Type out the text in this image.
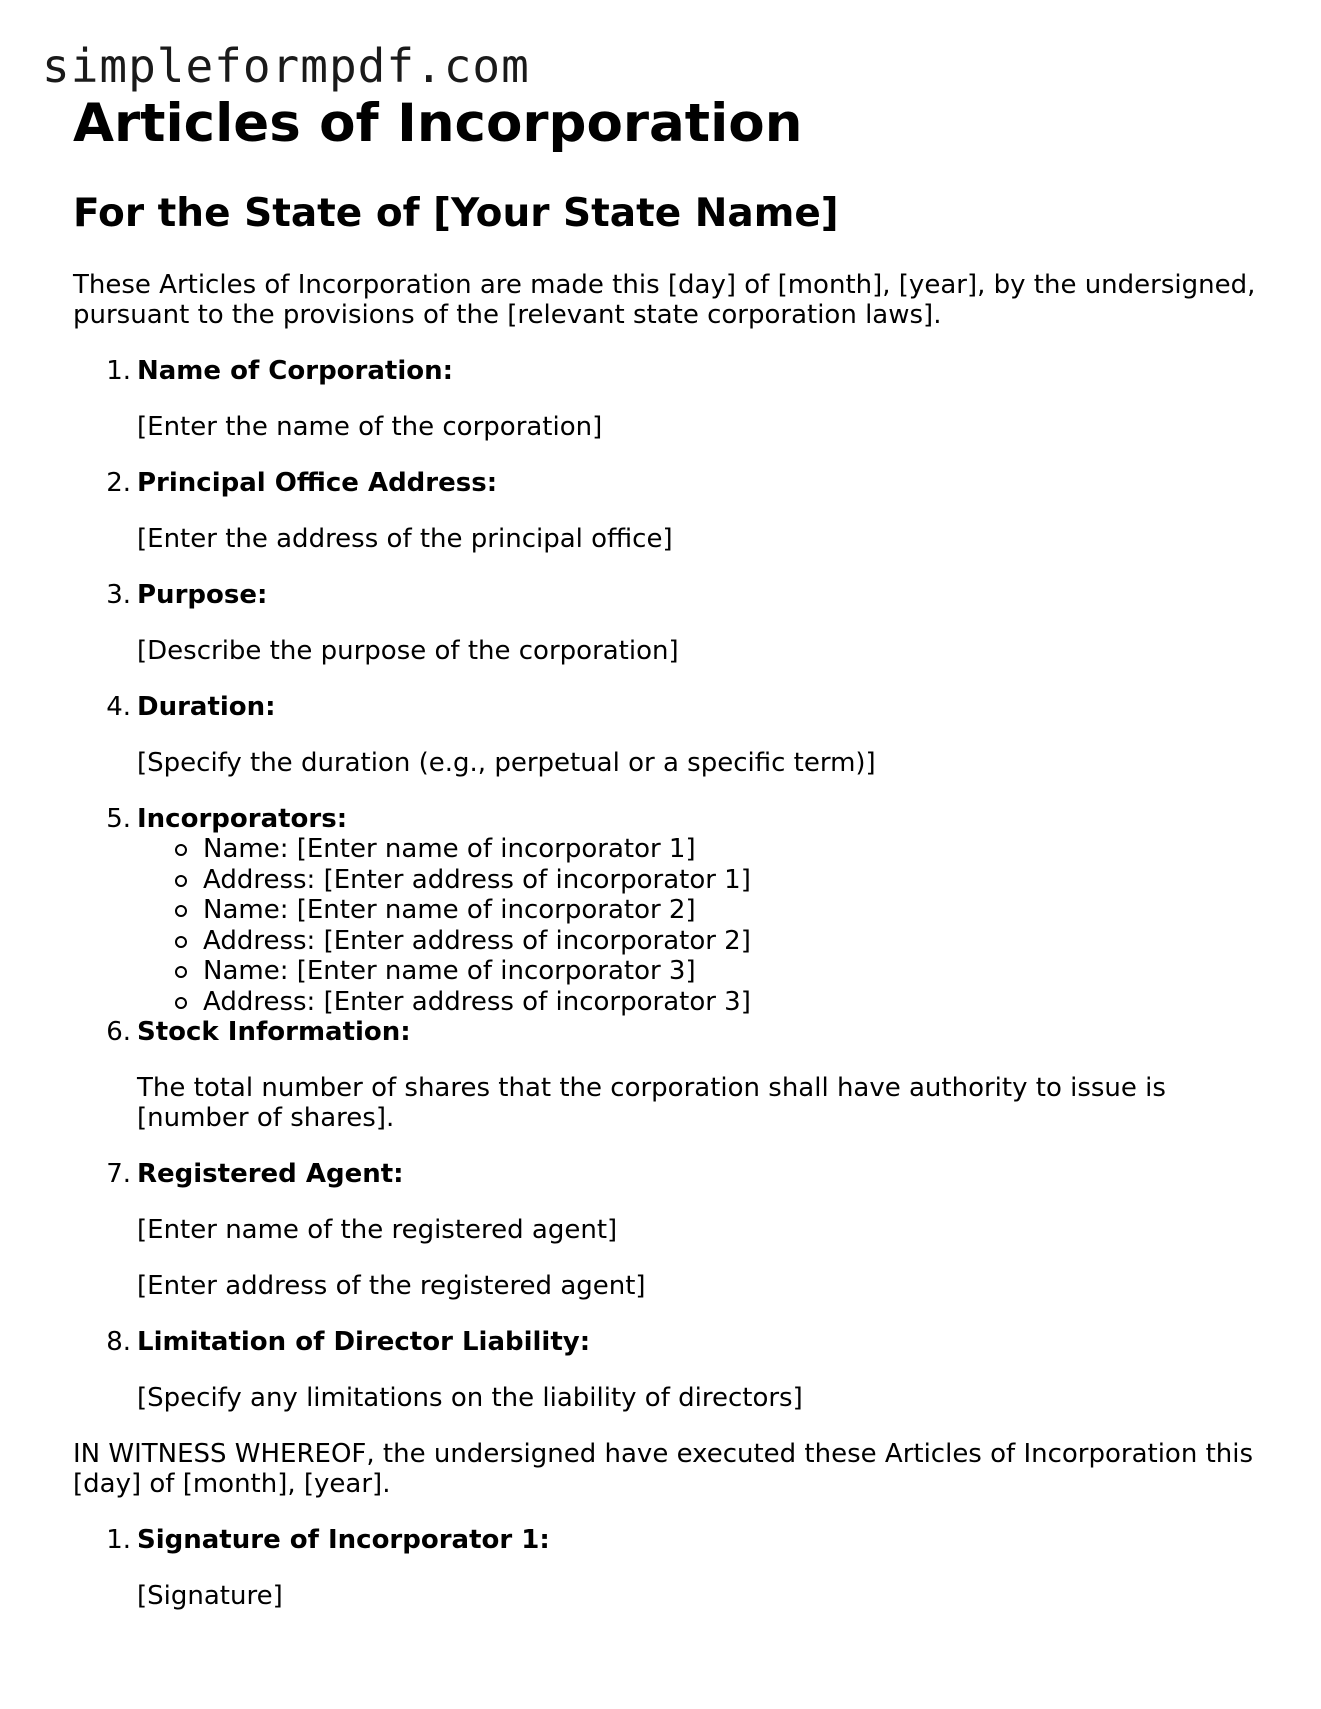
simpleformpdf.com
Articles of Incorporation
For the State of [Your State Name]

These Articles of Incorporation are made this [day] of [month], [year], by the undersigned, pursuant to the provisions of the [relevant state corporation laws].

1. Name of Corporation:

[Enter the name of the corporation]

2. Principal Office Address:

[Enter the address of the principal office]

3. Purpose:

[Describe the purpose of the corporation]

4. Duration:

[Specify the duration (e.g., perpetual or a specific term)]

5. Incorporators:

Name: [Enter name of incorporator 1]
Address: [Enter address of incorporator 1]
Name: [Enter name of incorporator 2]
Address: [Enter address of incorporator 2]
Name: [Enter name of incorporator 3]
Address: [Enter address of incorporator 3]
6. Stock Information:

The total number of shares that the corporation shall have authority to issue is [number of shares].

7. Registered Agent:

[Enter name of the registered agent]

[Enter address of the registered agent]

8. Limitation of Director Liability:

[Specify any limitations on the liability of directors]

IN WITNESS WHEREOF, the undersigned have executed these Articles of Incorporation this [day] of [month], [year].

1. Signature of Incorporator 1:

[Signature]
